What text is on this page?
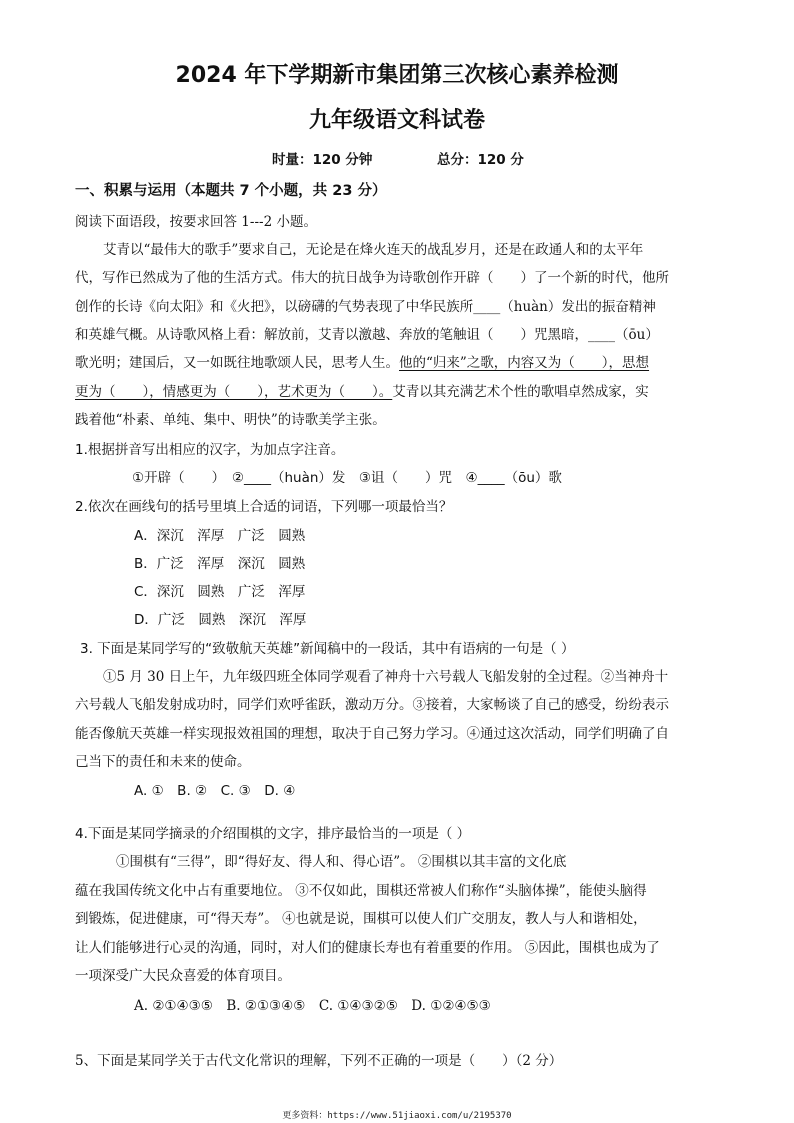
2024 年下学期新市集团第三次核心素养检测
九年级语文科试卷
时量：120 分钟	总分：120 分
一、积累与运用（本题共 7 个小题，共 23 分）
阅读下面语段，按要求回答 1---2 小题。
艾青以“最伟大的歌手”要求自己，无论是在烽火连天的战乱岁月，还是在政通人和的太平年
代，写作已然成为了他的生活方式。伟大的抗日战争为诗歌创作开辟（　　）了一个新的时代，他所
创作的长诗《向太阳》和《火把》，以磅礴的气势表现了中华民族所____（huàn）发出的振奋精神
和英雄气概。从诗歌风格上看：解放前，艾青以激越、奔放的笔触诅（　　）咒黑暗，____（ōu）
歌光明；建国后，又一如既往地歌颂人民，思考人生。他的“归来”之歌，内容又为（　　），思想
更为（　　），情感更为（　　），艺术更为（　　）。艾青以其充满艺术个性的歌唱卓然成家，实
践着他“朴素、单纯、集中、明快”的诗歌美学主张。
1.根据拼音写出相应的汉字，为加点字注音。
①开辟（　　）　②____（huàn）发　③诅（　　）咒　④____（ōu）歌
2.依次在画线句的括号里填上合适的词语，下列哪一项最恰当？
A．深沉　浑厚　广泛　圆熟
B．广泛　浑厚　深沉　圆熟
C．深沉　圆熟　广泛　浑厚
D．广泛　圆熟　深沉　浑厚
3. 下面是某同学写的“致敬航天英雄”新闻稿中的一段话，其中有语病的一句是（ ）
①5 月 30 日上午，九年级四班全体同学观看了神舟十六号载人飞船发射的全过程。②当神舟十
六号载人飞船发射成功时，同学们欢呼雀跃，激动万分。③接着，大家畅谈了自己的感受，纷纷表示
能否像航天英雄一样实现报效祖国的理想，取决于自己努力学习。④通过这次活动，同学们明确了自
己当下的责任和未来的使命。
A. ①　B. ②　C. ③　D. ④
4.下面是某同学摘录的介绍围棋的文字，排序最恰当的一项是（ ）
①围棋有“三得”，即“得好友、得人和、得心语”。 ②围棋以其丰富的文化底
蕴在我国传统文化中占有重要地位。 ③不仅如此，围棋还常被人们称作“头脑体操”，能使头脑得
到锻炼，促进健康，可“得天寿”。 ④也就是说，围棋可以使人们广交朋友，教人与人和谐相处，
让人们能够进行心灵的沟通，同时，对人们的健康长寿也有着重要的作用。 ⑤因此，围棋也成为了
一项深受广大民众喜爱的体育项目。
A. ②①④③⑤　B. ②①③④⑤　C. ①④③②⑤　D. ①②④⑤③
5、下面是某同学关于古代文化常识的理解，下列不正确的一项是（　　）（2 分）
更多资料：https://www.51jiaoxi.com/u/2195370
